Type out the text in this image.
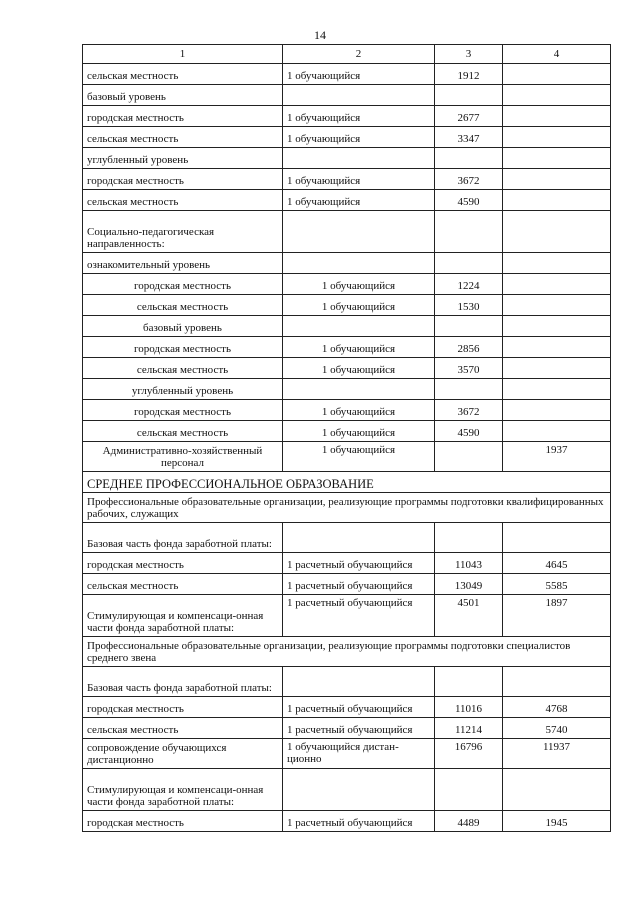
14
1	2	3	4
сельская местность	1 обучающийся	1912	
базовый уровень			
городская местность	1 обучающийся	2677	
сельская местность	1 обучающийся	3347	
углубленный уровень			
городская местность	1 обучающийся	3672	
сельская местность	1 обучающийся	4590	
Социально-педагогическая направленность:			
ознакомительный уровень			
городская местность	1 обучающийся	1224	
сельская местность	1 обучающийся	1530	
базовый уровень			
городская местность	1 обучающийся	2856	
сельская местность	1 обучающийся	3570	
углубленный уровень			
городская местность	1 обучающийся	3672	
сельская местность	1 обучающийся	4590	
Административно-хозяйственный персонал	1 обучающийся		1937
СРЕДНЕЕ ПРОФЕССИОНАЛЬНОЕ ОБРАЗОВАНИЕ			
Профессиональные образовательные организации, реализующие программы подготовки квалифицированных рабочих, служащих			
Базовая часть фонда заработной платы:			
городская местность	1 расчетный обучающийся	11043	4645
сельская местность	1 расчетный обучающийся	13049	5585
Стимулирующая и компенсаци-онная части фонда заработной платы:	1 расчетный обучающийся	4501	1897
Профессиональные образовательные организации, реализующие программы подготовки специалистов среднего звена			
Базовая часть фонда заработной платы:			
городская местность	1 расчетный обучающийся	11016	4768
сельская местность	1 расчетный обучающийся	11214	5740
сопровождение обучающихся дистанционно	1 обучающийся дистан-ционно	16796	11937
Стимулирующая и компенсаци-онная части фонда заработной платы:			
городская местность	1 расчетный обучающийся	4489	1945
